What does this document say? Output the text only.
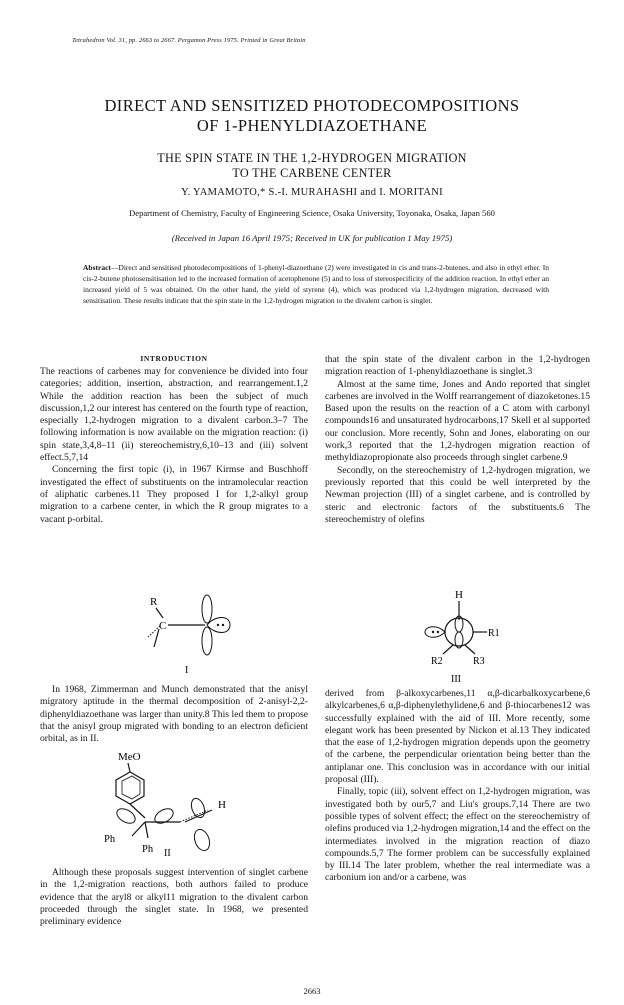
Tetrahedron Vol. 31, pp. 2663 to 2667. Pergamon Press 1975. Printed in Great Britain
DIRECT AND SENSITIZED PHOTODECOMPOSITIONS
OF 1-PHENYLDIAZOETHANE
THE SPIN STATE IN THE 1,2-HYDROGEN MIGRATION
TO THE CARBENE CENTER
Y. YAMAMOTO,* S.-I. MURAHASHI and I. MORITANI
Department of Chemistry, Faculty of Engineering Science, Osaka University, Toyonaka, Osaka, Japan 560
(Received in Japan 16 April 1975; Received in UK for publication 1 May 1975)
Abstract—Direct and sensitised photodecompositions of 1-phenyl-diazoethane (2) were investigated in cis and trans-2-butenes, and also in ethyl ether. In cis-2-butene photosensitisation led to the increased formation of acetophenone (5) and to loss of stereospecificity of the addition reaction. In ethyl ether an increased yield of 5 was obtained. On the other hand, the yield of styrene (4), which was produced via 1,2-hydrogen migration, decreased with sensitisation. These results indicate that the spin state in the 1,2-hydrogen migration to the divalent carbon is singlet.
INTRODUCTION

The reactions of carbenes may for convenience be divided into four categories; addition, insertion, abstraction, and rearrangement.1,2 While the addition reaction has been the subject of much discussion,1,2 our interest has centered on the fourth type of reaction, especially 1,2-hydrogen migration to a divalent carbon.3–7 The following information is now available on the migration reaction: (i) spin state,3,4,8–11 (ii) stereochemistry,6,10–13 and (iii) solvent effect.5,7,14

Concerning the first topic (i), in 1967 Kirmse and Buschhoff investigated the effect of substituents on the intramolecular reaction of aliphatic carbenes.11 They proposed I for 1,2-alkyl group migration to a carbene center, in which the R group migrates to a vacant p-orbital.

R
C
I

In 1968, Zimmerman and Munch demonstrated that the anisyl migratory aptitude in the thermal decomposition of 2-anisyl-2,2-diphenyldiazoethane was larger than unity.8 This led them to propose that the anisyl group migrated with bonding to an electron deficient orbital, as in II.

MeO
Ph
Ph
H
II

Although these proposals suggest intervention of singlet carbene in the 1,2-migration reactions, both authors failed to produce evidence that the aryl8 or alkyl11 migration to the divalent carbon proceeded through the singlet state. In 1968, we presented preliminary evidence

that the spin state of the divalent carbon in the 1,2-hydrogen migration reaction of 1-phenyldiazoethane is singlet.3

Almost at the same time, Jones and Ando reported that singlet carbenes are involved in the Wolff rearrangement of diazoketones.15 Based upon the results on the reaction of a C atom with carbonyl compounds16 and unsaturated hydrocarbons,17 Skell et al supported our conclusion. More recently, Sohn and Jones, elaborating on our work,3 reported that the 1,2-hydrogen migration reaction of methyldiazopropionate also proceeds through singlet carbene.9

Secondly, on the stereochemistry of 1,2-hydrogen migration, we previously reported that this could be well interpreted by the Newman projection (III) of a singlet carbene, and is controlled by steric and electronic factors of the substituents.6 The stereochemistry of olefins

H
R1
R2	R3
III

derived from β-alkoxycarbenes,11 α,β-dicarbalkoxycarbene,6 alkylcarbenes,6 α,β-diphenylethylidene,6 and β-thiocarbenes12 was successfully explained with the aid of III. More recently, some elegant work has been presented by Nickon et al.13 They indicated that the ease of 1,2-hydrogen migration depends upon the geometry of the carbene, the perpendicular orientation being better than the antiplanar one. This conclusion was in accordance with our initial proposal (III).

Finally, topic (iii), solvent effect on 1,2-hydrogen migration, was investigated both by our5,7 and Liu's groups.7,14 There are two possible types of solvent effect; the effect on the stereochemistry of olefins produced via 1,2-hydrogen migration,14 and the effect on the intermediates involved in the migration reaction of diazo compounds.5,7 The former problem can be successfully explained by III.14 The later problem, whether the real intermediate was a carbonium ion and/or a carbene, was

2663
